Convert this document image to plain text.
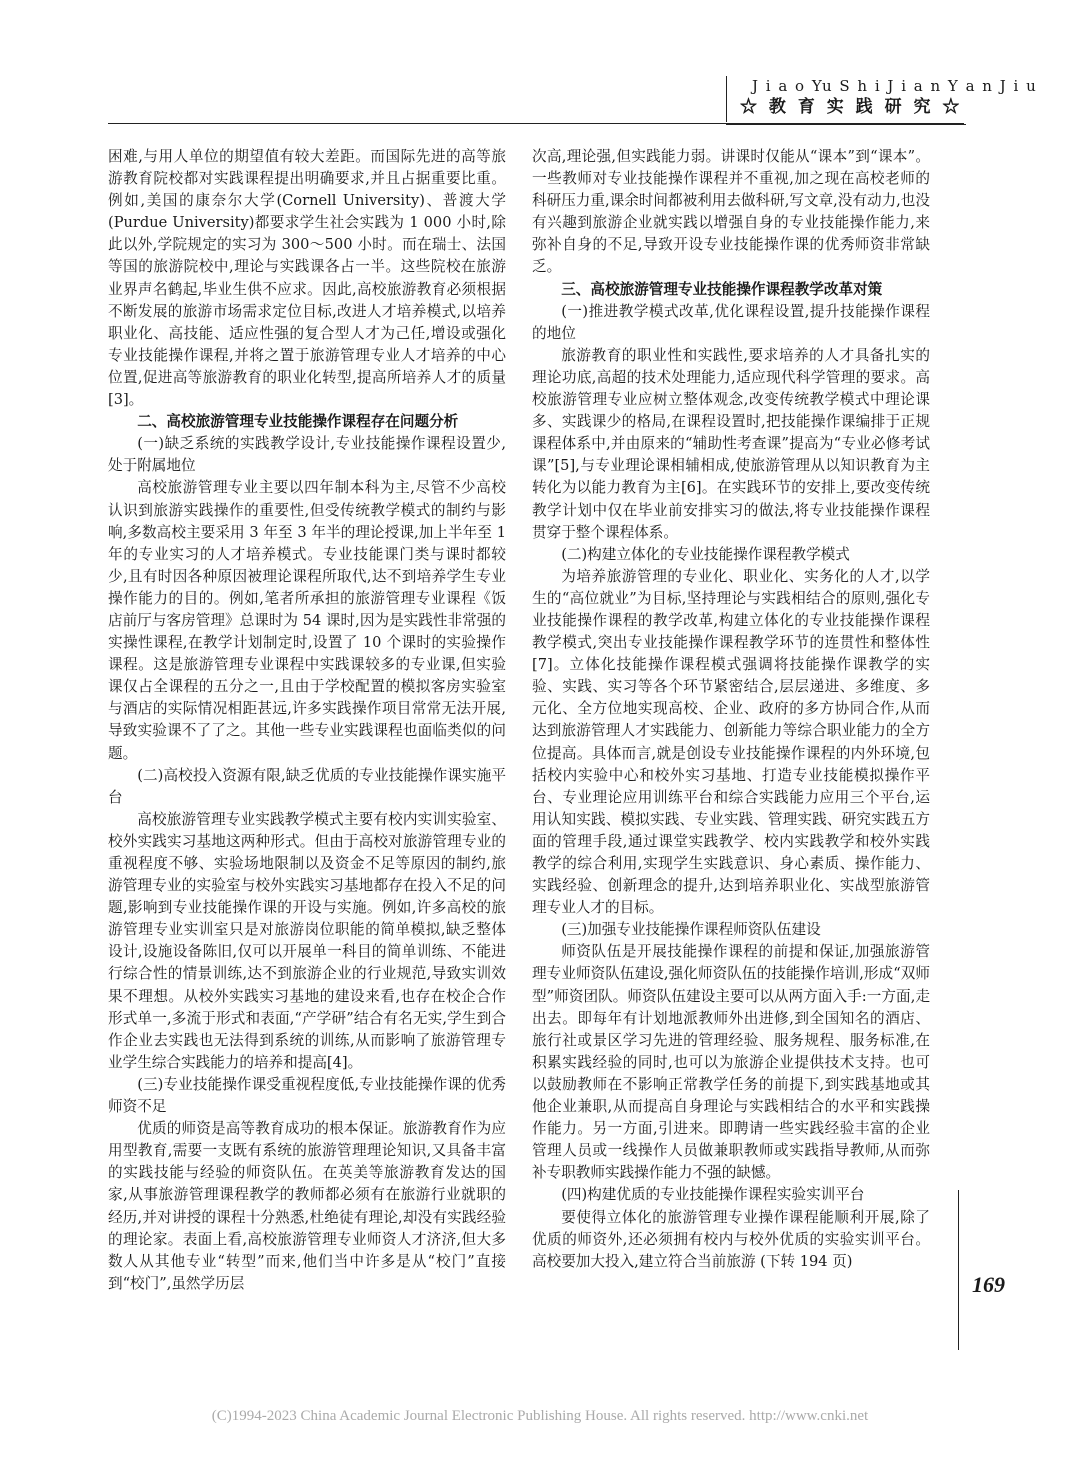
J i a o Yu S h i J i a n Y a n J i u
☆ 教 育 实 践 研 究 ☆

困难,与用人单位的期望值有较大差距。而国际先进的高等旅游教育院校都对实践课程提出明确要求,并且占据重要比重。例如,美国的康奈尔大学(Cornell University)、普渡大学(Purdue University)都要求学生社会实践为 1 000 小时,除此以外,学院规定的实习为 300～500 小时。而在瑞士、法国等国的旅游院校中,理论与实践课各占一半。这些院校在旅游业界声名鹤起,毕业生供不应求。因此,高校旅游教育必须根据不断发展的旅游市场需求定位目标,改进人才培养模式,以培养职业化、高技能、适应性强的复合型人才为己任,增设或强化专业技能操作课程,并将之置于旅游管理专业人才培养的中心位置,促进高等旅游教育的职业化转型,提高所培养人才的质量[3]。

二、高校旅游管理专业技能操作课程存在问题分析

(一)缺乏系统的实践教学设计,专业技能操作课程设置少,处于附属地位

高校旅游管理专业主要以四年制本科为主,尽管不少高校认识到旅游实践操作的重要性,但受传统教学模式的制约与影响,多数高校主要采用 3 年至 3 年半的理论授课,加上半年至 1 年的专业实习的人才培养模式。专业技能课门类与课时都较少,且有时因各种原因被理论课程所取代,达不到培养学生专业操作能力的目的。例如,笔者所承担的旅游管理专业课程《饭店前厅与客房管理》总课时为 54 课时,因为是实践性非常强的实操性课程,在教学计划制定时,设置了 10 个课时的实验操作课程。这是旅游管理专业课程中实践课较多的专业课,但实验课仅占全课程的五分之一,且由于学校配置的模拟客房实验室与酒店的实际情况相距甚远,许多实践操作项目常常无法开展,导致实验课不了了之。其他一些专业实践课程也面临类似的问题。

(二)高校投入资源有限,缺乏优质的专业技能操作课实施平台

高校旅游管理专业实践教学模式主要有校内实训实验室、校外实践实习基地这两种形式。但由于高校对旅游管理专业的重视程度不够、实验场地限制以及资金不足等原因的制约,旅游管理专业的实验室与校外实践实习基地都存在投入不足的问题,影响到专业技能操作课的开设与实施。例如,许多高校的旅游管理专业实训室只是对旅游岗位职能的简单模拟,缺乏整体设计,设施设备陈旧,仅可以开展单一科目的简单训练、不能进行综合性的情景训练,达不到旅游企业的行业规范,导致实训效果不理想。从校外实践实习基地的建设来看,也存在校企合作形式单一,多流于形式和表面,“产学研”结合有名无实,学生到合作企业去实践也无法得到系统的训练,从而影响了旅游管理专业学生综合实践能力的培养和提高[4]。

(三)专业技能操作课受重视程度低,专业技能操作课的优秀师资不足

优质的师资是高等教育成功的根本保证。旅游教育作为应用型教育,需要一支既有系统的旅游管理理论知识,又具备丰富的实践技能与经验的师资队伍。在英美等旅游教育发达的国家,从事旅游管理课程教学的教师都必须有在旅游行业就职的经历,并对讲授的课程十分熟悉,杜绝徒有理论,却没有实践经验的理论家。表面上看,高校旅游管理专业师资人才济济,但大多数人从其他专业“转型”而来,他们当中许多是从“校门”直接到“校门”,虽然学历层

次高,理论强,但实践能力弱。讲课时仅能从“课本”到“课本”。一些教师对专业技能操作课程并不重视,加之现在高校老师的科研压力重,课余时间都被利用去做科研,写文章,没有动力,也没有兴趣到旅游企业就实践以增强自身的专业技能操作能力,来弥补自身的不足,导致开设专业技能操作课的优秀师资非常缺乏。

三、高校旅游管理专业技能操作课程教学改革对策

(一)推进教学模式改革,优化课程设置,提升技能操作课程的地位

旅游教育的职业性和实践性,要求培养的人才具备扎实的理论功底,高超的技术处理能力,适应现代科学管理的要求。高校旅游管理专业应树立整体观念,改变传统教学模式中理论课多、实践课少的格局,在课程设置时,把技能操作课编排于正规课程体系中,并由原来的“辅助性考查课”提高为“专业必修考试课”[5],与专业理论课相辅相成,使旅游管理从以知识教育为主转化为以能力教育为主[6]。在实践环节的安排上,要改变传统教学计划中仅在毕业前安排实习的做法,将专业技能操作课程贯穿于整个课程体系。

(二)构建立体化的专业技能操作课程教学模式

为培养旅游管理的专业化、职业化、实务化的人才,以学生的“高位就业”为目标,坚持理论与实践相结合的原则,强化专业技能操作课程的教学改革,构建立体化的专业技能操作课程教学模式,突出专业技能操作课程教学环节的连贯性和整体性[7]。立体化技能操作课程模式强调将技能操作课教学的实验、实践、实习等各个环节紧密结合,层层递进、多维度、多元化、全方位地实现高校、企业、政府的多方协同合作,从而达到旅游管理人才实践能力、创新能力等综合职业能力的全方位提高。具体而言,就是创设专业技能操作课程的内外环境,包括校内实验中心和校外实习基地、打造专业技能模拟操作平台、专业理论应用训练平台和综合实践能力应用三个平台,运用认知实践、模拟实践、专业实践、管理实践、研究实践五方面的管理手段,通过课堂实践教学、校内实践教学和校外实践教学的综合利用,实现学生实践意识、身心素质、操作能力、实践经验、创新理念的提升,达到培养职业化、实战型旅游管理专业人才的目标。

(三)加强专业技能操作课程师资队伍建设

师资队伍是开展技能操作课程的前提和保证,加强旅游管理专业师资队伍建设,强化师资队伍的技能操作培训,形成“双师型”师资团队。师资队伍建设主要可以从两方面入手:一方面,走出去。即每年有计划地派教师外出进修,到全国知名的酒店、旅行社或景区学习先进的管理经验、服务规程、服务标准,在积累实践经验的同时,也可以为旅游企业提供技术支持。也可以鼓励教师在不影响正常教学任务的前提下,到实践基地或其他企业兼职,从而提高自身理论与实践相结合的水平和实践操作能力。另一方面,引进来。即聘请一些实践经验丰富的企业管理人员或一线操作人员做兼职教师或实践指导教师,从而弥补专职教师实践操作能力不强的缺憾。

(四)构建优质的专业技能操作课程实验实训平台

要使得立体化的旅游管理专业操作课程能顺利开展,除了优质的师资外,还必须拥有校内与校外优质的实验实训平台。高校要加大投入,建立符合当前旅游 (下转 194 页)

169
(C)1994-2023 China Academic Journal Electronic Publishing House. All rights reserved. http://www.cnki.net
